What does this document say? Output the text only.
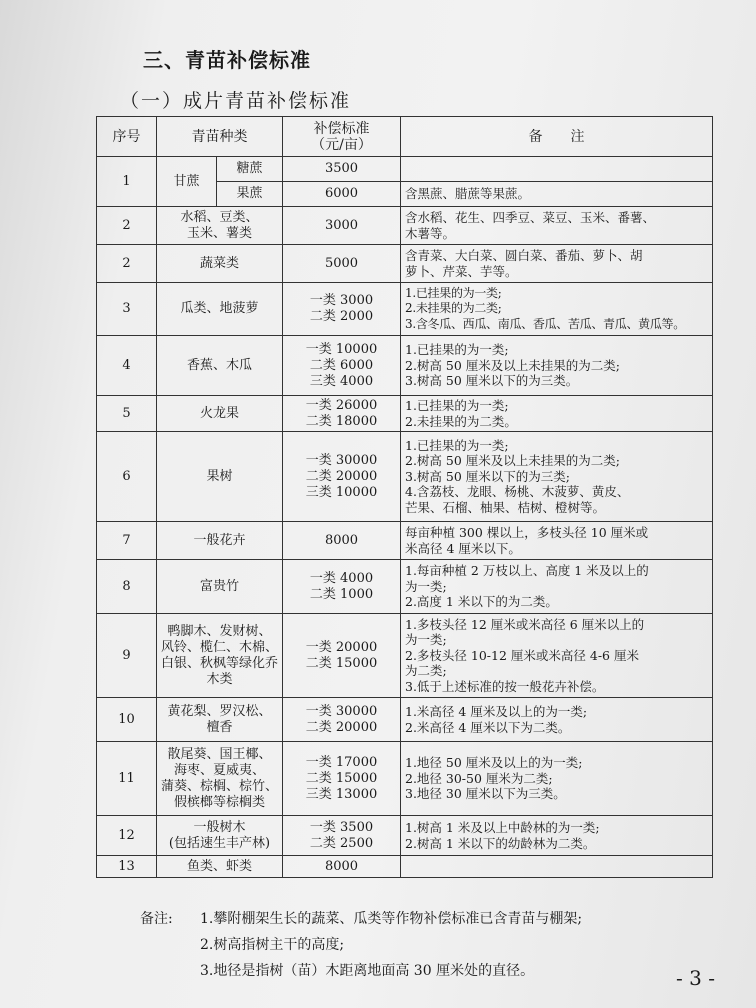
三、青苗补偿标准
（一）成片青苗补偿标准
序号	青苗种类		补偿标准
（元/亩）	备　　注
1	甘蔗	糖蔗	3500	
		果蔗	6000	含黑蔗、腊蔗等果蔗。
2	水稻、豆类、
玉米、薯类		3000	含水稻、花生、四季豆、菜豆、玉米、番薯、
木薯等。
2	蔬菜类		5000	含青菜、大白菜、圆白菜、番茄、萝卜、胡
萝卜、芹菜、芋等。
3	瓜类、地菠萝		一类 3000
二类 2000	1.已挂果的为一类;
2.未挂果的为二类;
3.含冬瓜、西瓜、南瓜、香瓜、苦瓜、青瓜、黄瓜等。
4	香蕉、木瓜		一类 10000
二类 6000
三类 4000	1.已挂果的为一类;
2.树高 50 厘米及以上未挂果的为二类;
3.树高 50 厘米以下的为三类。
5	火龙果		一类 26000
二类 18000	1.已挂果的为一类;
2.未挂果的为二类。
6	果树		一类 30000
二类 20000
三类 10000	1.已挂果的为一类;
2.树高 50 厘米及以上未挂果的为二类;
3.树高 50 厘米以下的为三类;
4.含荔枝、龙眼、杨桃、木菠萝、黄皮、
芒果、石榴、柚果、桔树、橙树等。
7	一般花卉		8000	每亩种植 300 棵以上，多枝头径 10 厘米或
米高径 4 厘米以下。
8	富贵竹		一类 4000
二类 1000	1.每亩种植 2 万枝以上、高度 1 米及以上的
为一类;
2.高度 1 米以下的为二类。
9	鸭脚木、发财树、
风铃、榄仁、木棉、
白银、秋枫等绿化乔
木类		一类 20000
二类 15000	1.多枝头径 12 厘米或米高径 6 厘米以上的
为一类;
2.多枝头径 10-12 厘米或米高径 4-6 厘米
为二类;
3.低于上述标准的按一般花卉补偿。
10	黄花梨、罗汉松、
檀香		一类 30000
二类 20000	1.米高径 4 厘米及以上的为一类;
2.米高径 4 厘米以下为二类。
11	散尾葵、国王椰、
海枣、夏威夷、
蒲葵、棕榈、棕竹、
假槟榔等棕榈类		一类 17000
二类 15000
三类 13000	1.地径 50 厘米及以上的为一类;
2.地径 30-50 厘米为二类;
3.地径 30 厘米以下为三类。
12	一般树木
(包括速生丰产林)		一类 3500
二类 2500	1.树高 1 米及以上中龄林的为一类;
2.树高 1 米以下的幼龄林为二类。
13	鱼类、虾类		8000	
备注:	1.攀附棚架生长的蔬菜、瓜类等作物补偿标准已含青苗与棚架;
2.树高指树主干的高度;
3.地径是指树（苗）木距离地面高 30 厘米处的直径。	- 3 -
